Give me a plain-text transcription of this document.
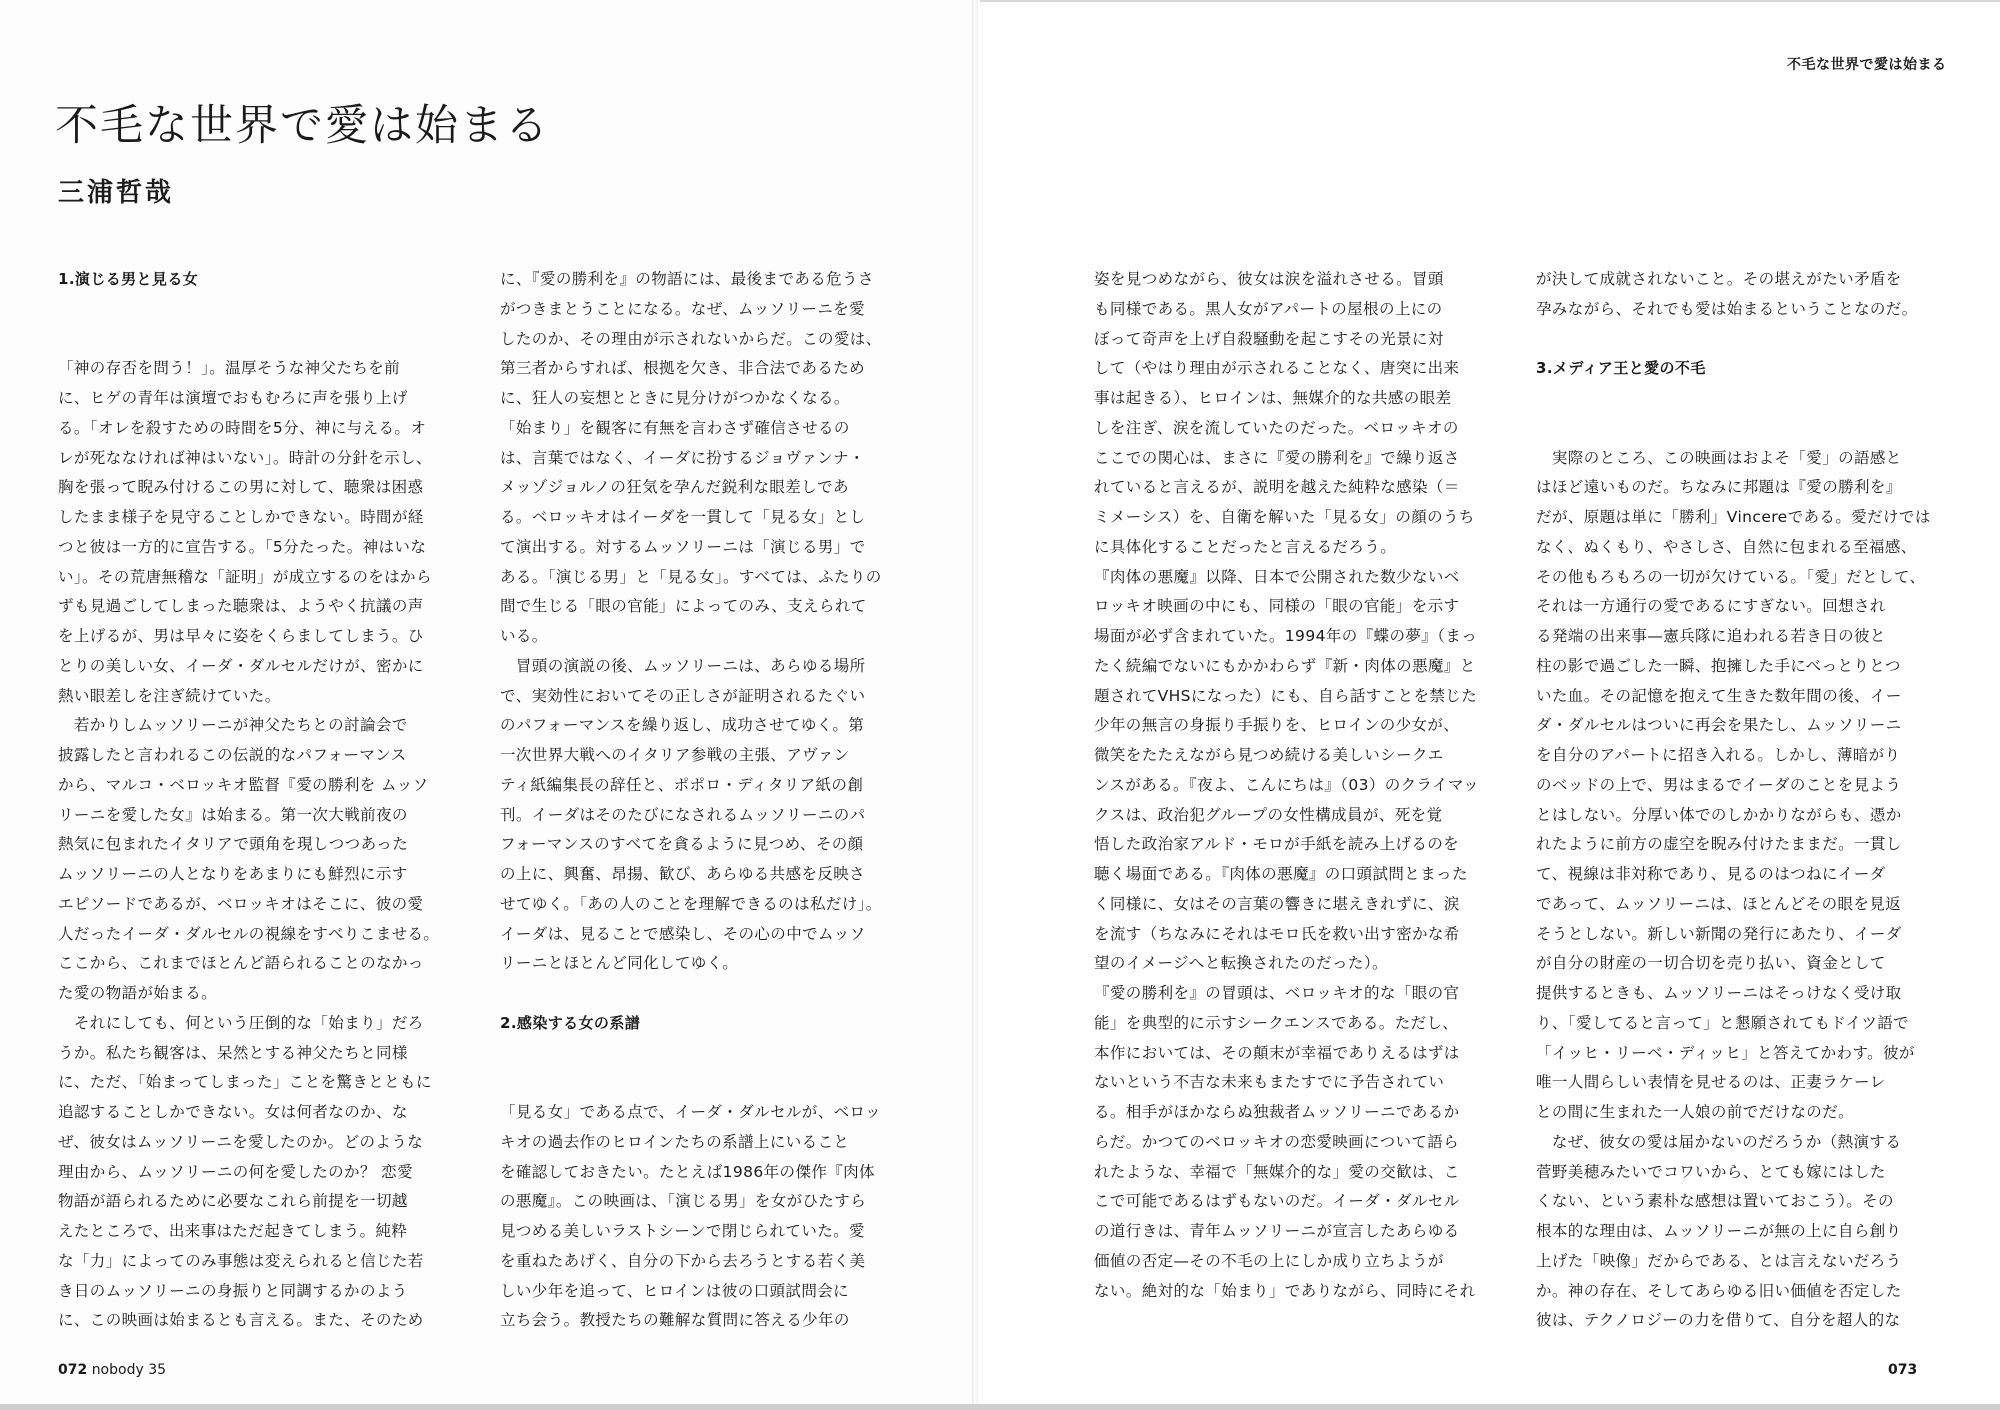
不毛な世界で愛は始まる
三浦哲哉
不毛な世界で愛は始まる
1.演じる男と見る女

「神の存否を問う！」。温厚そうな神父たちを前

に、ヒゲの青年は演壇でおもむろに声を張り上げ

る。「オレを殺すための時間を5分、神に与える。オ

レが死ななければ神はいない」。時計の分針を示し、

胸を張って睨み付けるこの男に対して、聴衆は困惑

したまま様子を見守ることしかできない。時間が経

つと彼は一方的に宣告する。「5分たった。神はいな

い」。その荒唐無稽な「証明」が成立するのをはから

ずも見過ごしてしまった聴衆は、ようやく抗議の声

を上げるが、男は早々に姿をくらましてしまう。ひ

とりの美しい女、イーダ・ダルセルだけが、密かに

熱い眼差しを注ぎ続けていた。

　若かりしムッソリーニが神父たちとの討論会で

披露したと言われるこの伝説的なパフォーマンス

から、マルコ・ベロッキオ監督『愛の勝利を ムッソ

リーニを愛した女』は始まる。第一次大戦前夜の

熱気に包まれたイタリアで頭角を現しつつあった

ムッソリーニの人となりをあまりにも鮮烈に示す

エピソードであるが、ベロッキオはそこに、彼の愛

人だったイーダ・ダルセルの視線をすべりこませる。

ここから、これまでほとんど語られることのなかっ

た愛の物語が始まる。

　それにしても、何という圧倒的な「始まり」だろ

うか。私たち観客は、呆然とする神父たちと同様

に、ただ、「始まってしまった」ことを驚きとともに

追認することしかできない。女は何者なのか、な

ぜ、彼女はムッソリーニを愛したのか。どのような

理由から、ムッソリーニの何を愛したのか？ 恋愛

物語が語られるために必要なこれら前提を一切越

えたところで、出来事はただ起きてしまう。純粋

な「力」によってのみ事態は変えられると信じた若

き日のムッソリーニの身振りと同調するかのよう

に、この映画は始まるとも言える。また、そのため

に、『愛の勝利を』の物語には、最後まである危うさ

がつきまとうことになる。なぜ、ムッソリーニを愛

したのか、その理由が示されないからだ。この愛は、

第三者からすれば、根拠を欠き、非合法であるため

に、狂人の妄想とときに見分けがつかなくなる。

「始まり」を観客に有無を言わさず確信させるの

は、言葉ではなく、イーダに扮するジョヴァンナ・

メッゾジョルノの狂気を孕んだ鋭利な眼差しであ

る。ベロッキオはイーダを一貫して「見る女」とし

て演出する。対するムッソリーニは「演じる男」で

ある。「演じる男」と「見る女」。すべては、ふたりの

間で生じる「眼の官能」によってのみ、支えられて

いる。

　冒頭の演説の後、ムッソリーニは、あらゆる場所

で、実効性においてその正しさが証明されるたぐい

のパフォーマンスを繰り返し、成功させてゆく。第

一次世界大戦へのイタリア参戦の主張、アヴァン

ティ紙編集長の辞任と、ポポロ・ディタリア紙の創

刊。イーダはそのたびになされるムッソリーニのパ

フォーマンスのすべてを貪るように見つめ、その顔

の上に、興奮、昂揚、歓び、あらゆる共感を反映さ

せてゆく。「あの人のことを理解できるのは私だけ」。

イーダは、見ることで感染し、その心の中でムッソ

リーニとほとんど同化してゆく。

2.感染する女の系譜

「見る女」である点で、イーダ・ダルセルが、ベロッ

キオの過去作のヒロインたちの系譜上にいること

を確認しておきたい。たとえば1986年の傑作『肉体

の悪魔』。この映画は、「演じる男」を女がひたすら

見つめる美しいラストシーンで閉じられていた。愛

を重ねたあげく、自分の下から去ろうとする若く美

しい少年を追って、ヒロインは彼の口頭試問会に

立ち会う。教授たちの難解な質問に答える少年の

姿を見つめながら、彼女は涙を溢れさせる。冒頭

も同様である。黒人女がアパートの屋根の上にの

ぼって奇声を上げ自殺騒動を起こすその光景に対

して（やはり理由が示されることなく、唐突に出来

事は起きる）、ヒロインは、無媒介的な共感の眼差

しを注ぎ、涙を流していたのだった。ベロッキオの

ここでの関心は、まさに『愛の勝利を』で繰り返さ

れていると言えるが、説明を越えた純粋な感染（＝

ミメーシス）を、自衛を解いた「見る女」の顔のうち

に具体化することだったと言えるだろう。

『肉体の悪魔』以降、日本で公開された数少ないベ

ロッキオ映画の中にも、同様の「眼の官能」を示す

場面が必ず含まれていた。1994年の『蝶の夢』（まっ

たく続編でないにもかかわらず『新・肉体の悪魔』と

題されてVHSになった）にも、自ら話すことを禁じた

少年の無言の身振り手振りを、ヒロインの少女が、

微笑をたたえながら見つめ続ける美しいシークエ

ンスがある。『夜よ、こんにちは』（03）のクライマッ

クスは、政治犯グループの女性構成員が、死を覚

悟した政治家アルド・モロが手紙を読み上げるのを

聴く場面である。『肉体の悪魔』の口頭試問とまった

く同様に、女はその言葉の響きに堪えきれずに、涙

を流す（ちなみにそれはモロ氏を救い出す密かな希

望のイメージへと転換されたのだった）。

『愛の勝利を』の冒頭は、ベロッキオ的な「眼の官

能」を典型的に示すシークエンスである。ただし、

本作においては、その顛末が幸福でありえるはずは

ないという不吉な未来もまたすでに予告されてい

る。相手がほかならぬ独裁者ムッソリーニであるか

らだ。かつてのベロッキオの恋愛映画について語ら

れたような、幸福で「無媒介的な」愛の交歓は、こ

こで可能であるはずもないのだ。イーダ・ダルセル

の道行きは、青年ムッソリーニが宣言したあらゆる

価値の否定—その不毛の上にしか成り立ちようが

ない。絶対的な「始まり」でありながら、同時にそれ

が決して成就されないこと。その堪えがたい矛盾を

孕みながら、それでも愛は始まるということなのだ。

3.メディア王と愛の不毛

　実際のところ、この映画はおよそ「愛」の語感と

はほど遠いものだ。ちなみに邦題は『愛の勝利を』

だが、原題は単に「勝利」Vincereである。愛だけでは

なく、ぬくもり、やさしさ、自然に包まれる至福感、

その他もろもろの一切が欠けている。「愛」だとして、

それは一方通行の愛であるにすぎない。回想され

る発端の出来事—憲兵隊に追われる若き日の彼と

柱の影で過ごした一瞬、抱擁した手にべっとりとつ

いた血。その記憶を抱えて生きた数年間の後、イー

ダ・ダルセルはついに再会を果たし、ムッソリーニ

を自分のアパートに招き入れる。しかし、薄暗がり

のベッドの上で、男はまるでイーダのことを見よう

とはしない。分厚い体でのしかかりながらも、憑か

れたように前方の虚空を睨み付けたままだ。一貫し

て、視線は非対称であり、見るのはつねにイーダ

であって、ムッソリーニは、ほとんどその眼を見返

そうとしない。新しい新聞の発行にあたり、イーダ

が自分の財産の一切合切を売り払い、資金として

提供するときも、ムッソリーニはそっけなく受け取

り、「愛してると言って」と懇願されてもドイツ語で

「イッヒ・リーベ・ディッヒ」と答えてかわす。彼が

唯一人間らしい表情を見せるのは、正妻ラケーレ

との間に生まれた一人娘の前でだけなのだ。

　なぜ、彼女の愛は届かないのだろうか（熱演する

菅野美穂みたいでコワいから、とても嫁にはした

くない、という素朴な感想は置いておこう）。その

根本的な理由は、ムッソリーニが無の上に自ら創り

上げた「映像」だからである、とは言えないだろう

か。神の存在、そしてあらゆる旧い価値を否定した

彼は、テクノロジーの力を借りて、自分を超人的な

072 nobody 35	073
